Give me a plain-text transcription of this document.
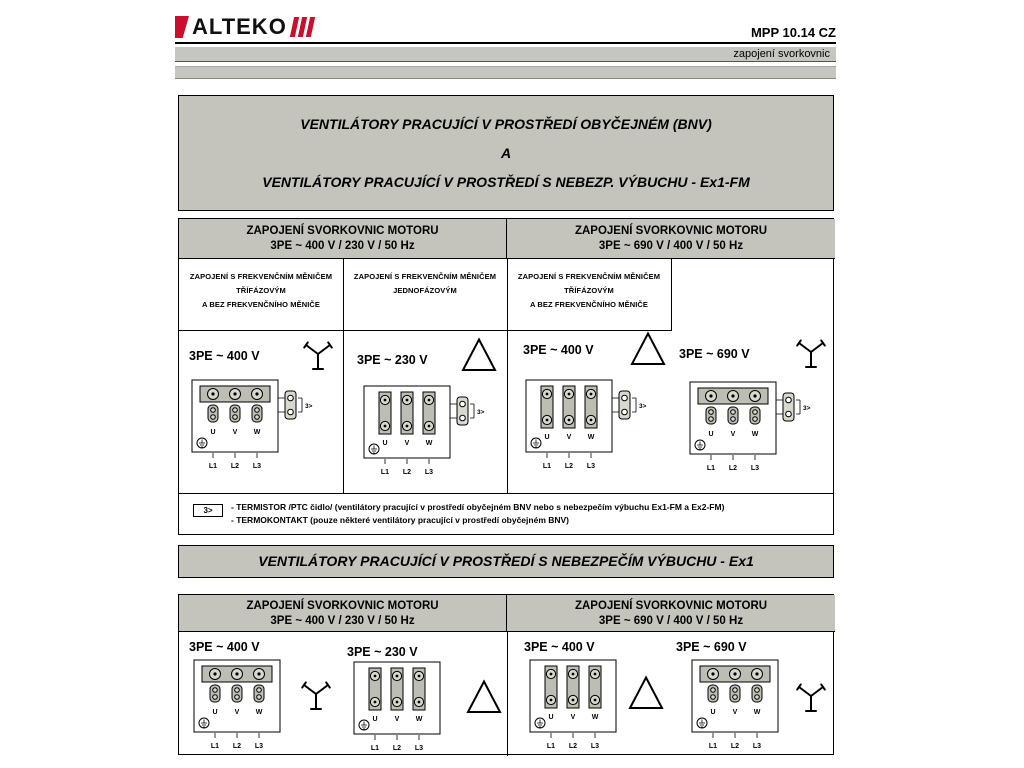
ALTEKO	MPP 10.14 CZ
zapojení svorkovnic
VENTILÁTORY PRACUJÍCÍ V PROSTŘEDÍ OBYČEJNÉM (BNV)
A
VENTILÁTORY PRACUJÍCÍ V PROSTŘEDÍ S NEBEZP. VÝBUCHU - Ex1-FM
ZAPOJENÍ SVORKOVNIC MOTORU
3PE ~ 400 V / 230 V / 50 Hz
ZAPOJENÍ SVORKOVNIC MOTORU
3PE ~ 690 V / 400 V / 50 Hz
ZAPOJENÍ S FREKVENČNÍM MĚNIČEM
TŘÍFÁZOVÝM
A BEZ FREKVENČNÍHO MĚNIČE
ZAPOJENÍ S FREKVENČNÍM MĚNIČEM
JEDNOFÁZOVÝM
ZAPOJENÍ S FREKVENČNÍM MĚNIČEM
TŘÍFÁZOVÝM
A BEZ FREKVENČNÍHO MĚNIČE
3PE ~ 400 V
U V W
3>
L1 L2 L3
3PE ~ 230 V
U V W
3>
L1 L2 L3
3PE ~ 400 V
U V W
3>
L1 L2 L3
3PE ~ 690 V
U V W
3>
L1 L2 L3
3>	- TERMISTOR /PTC čidlo/ (ventilátory pracující v prostředí obyčejném BNV nebo s nebezpečím výbuchu Ex1-FM a Ex2-FM)
- TERMOKONTAKT (pouze některé ventilátory pracující v prostředí obyčejném BNV)
VENTILÁTORY PRACUJÍCÍ V PROSTŘEDÍ S NEBEZPEČÍM VÝBUCHU - Ex1
ZAPOJENÍ SVORKOVNIC MOTORU
3PE ~ 400 V / 230 V / 50 Hz
ZAPOJENÍ SVORKOVNIC MOTORU
3PE ~ 690 V / 400 V / 50 Hz
3PE ~ 400 V
U V W
L1 L2 L3
3PE ~ 230 V
U V W
L1 L2 L3
3PE ~ 400 V
U V W
L1 L2 L3
3PE ~ 690 V
U V W
L1 L2 L3
